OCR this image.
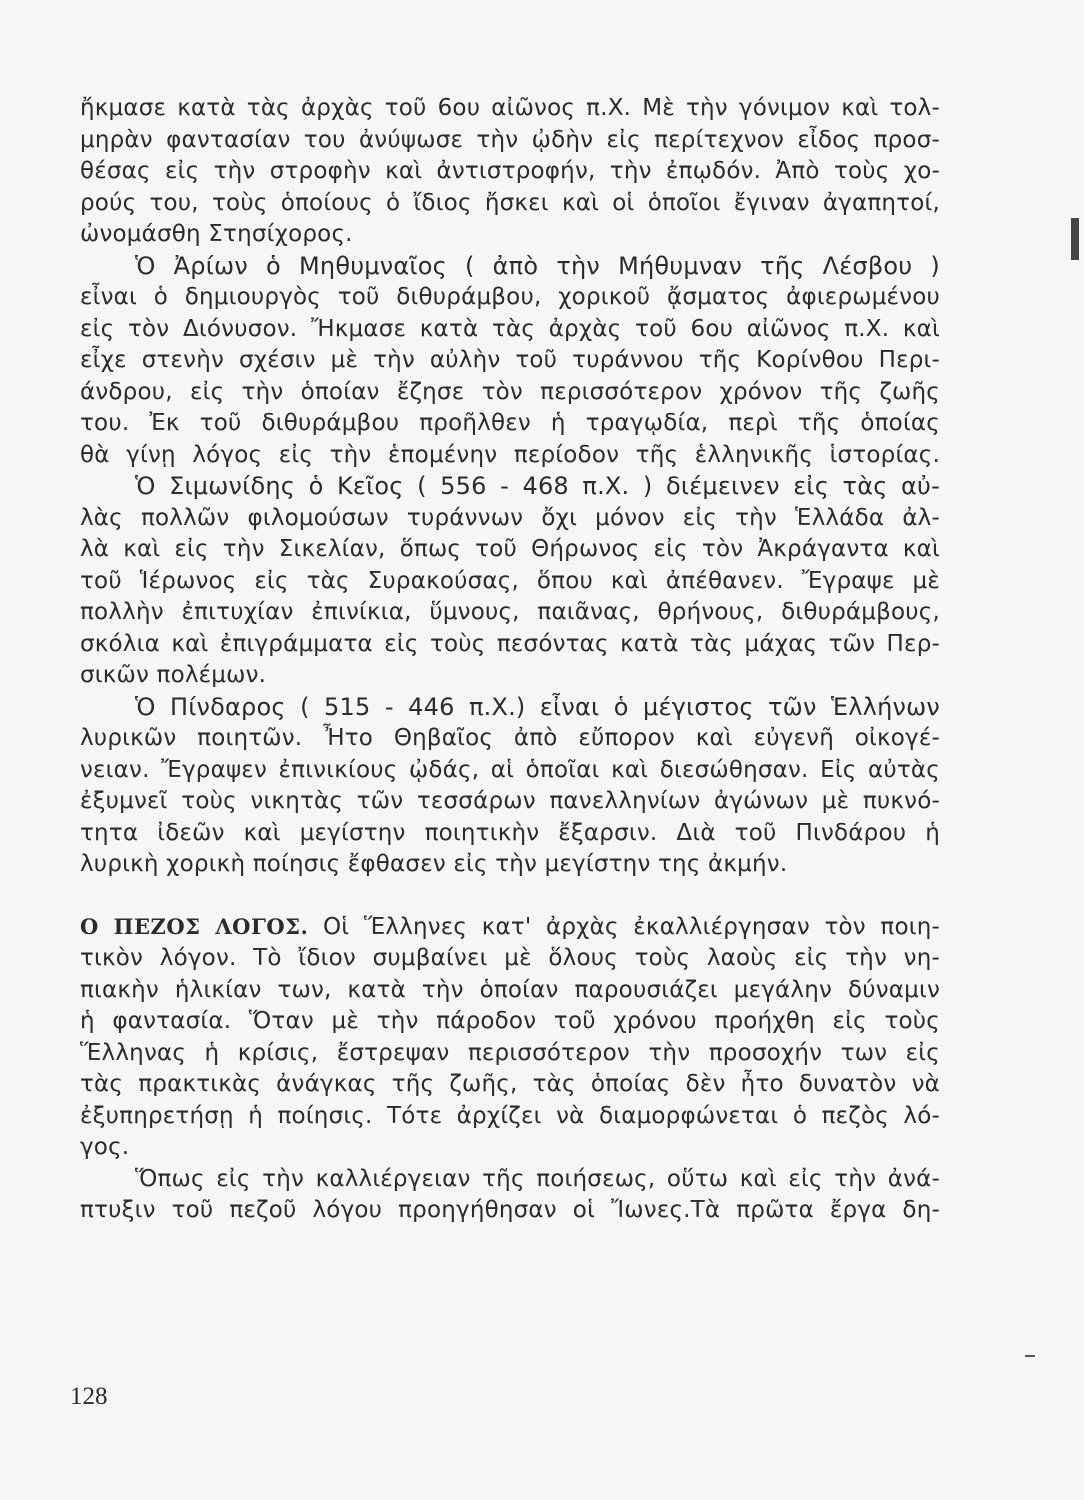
ἤκμασε κατὰ τὰς ἀρχὰς τοῦ 6ου αἰῶνος π.Χ. Μὲ τὴν γόνιμον καὶ τολ-
μηρὰν φαντασίαν του ἀνύψωσε τὴν ᾠδὴν εἰς περίτεχνον εἶδος προσ-
θέσας εἰς τὴν στροφὴν καὶ ἀντιστροφήν, τὴν ἐπῳδόν. Ἀπὸ τοὺς χο-
ρούς του, τοὺς ὁποίους ὁ ἴδιος ἤσκει καὶ οἱ ὁποῖοι ἔγιναν ἀγαπητοί,
ὠνομάσθη Στησίχορος.
Ὁ Ἀρίων ὁ Μηθυμναῖος ( ἀπὸ τὴν Μήθυμναν τῆς Λέσβου )
εἶναι ὁ δημιουργὸς τοῦ διθυράμβου, χορικοῦ ᾄσματος ἀφιερωμένου
εἰς τὸν Διόνυσον. Ἤκμασε κατὰ τὰς ἀρχὰς τοῦ 6ου αἰῶνος π.Χ. καὶ
εἶχε στενὴν σχέσιν μὲ τὴν αὐλὴν τοῦ τυράννου τῆς Κορίνθου Περι-
άνδρου, εἰς τὴν ὁποίαν ἔζησε τὸν περισσότερον χρόνον τῆς ζωῆς
του. Ἐκ τοῦ διθυράμβου προῆλθεν ἡ τραγῳδία, περὶ τῆς ὁποίας
θὰ γίνῃ λόγος εἰς τὴν ἑπομένην περίοδον τῆς ἑλληνικῆς ἱστορίας.
Ὁ Σιμωνίδης ὁ Κεῖος ( 556 - 468 π.Χ. ) διέμεινεν εἰς τὰς αὐ-
λὰς πολλῶν φιλομούσων τυράννων ὄχι μόνον εἰς τὴν Ἑλλάδα ἀλ-
λὰ καὶ εἰς τὴν Σικελίαν, ὅπως τοῦ Θήρωνος εἰς τὸν Ἀκράγαντα καὶ
τοῦ Ἱέρωνος εἰς τὰς Συρακούσας, ὅπου καὶ ἀπέθανεν. Ἔγραψε μὲ
πολλὴν ἐπιτυχίαν ἐπινίκια, ὕμνους, παιᾶνας, θρήνους, διθυράμβους,
σκόλια καὶ ἐπιγράμματα εἰς τοὺς πεσόντας κατὰ τὰς μάχας τῶν Περ-
σικῶν πολέμων.
Ὁ Πίνδαρος ( 515 - 446 π.Χ.) εἶναι ὁ μέγιστος τῶν Ἑλλήνων
λυρικῶν ποιητῶν. Ἦτο Θηβαῖος ἀπὸ εὔπορον καὶ εὐγενῆ οἰκογέ-
νειαν. Ἔγραψεν ἐπινικίους ᾠδάς, αἱ ὁποῖαι καὶ διεσώθησαν. Εἰς αὐτὰς
ἐξυμνεῖ τοὺς νικητὰς τῶν τεσσάρων πανελληνίων ἀγώνων μὲ πυκνό-
τητα ἰδεῶν καὶ μεγίστην ποιητικὴν ἔξαρσιν. Διὰ τοῦ Πινδάρου ἡ
λυρικὴ χορικὴ ποίησις ἔφθασεν εἰς τὴν μεγίστην της ἀκμήν.
Ο ΠΕΖΟΣ ΛΟΓΟΣ. Οἱ Ἕλληνες κατ' ἀρχὰς ἐκαλλιέργησαν τὸν ποιη-
τικὸν λόγον. Τὸ ἴδιον συμβαίνει μὲ ὅλους τοὺς λαοὺς εἰς τὴν νη-
πιακὴν ἡλικίαν των, κατὰ τὴν ὁποίαν παρουσιάζει μεγάλην δύναμιν
ἡ φαντασία. Ὅταν μὲ τὴν πάροδον τοῦ χρόνου προήχθη εἰς τοὺς
Ἕλληνας ἡ κρίσις, ἔστρεψαν περισσότερον τὴν προσοχήν των εἰς
τὰς πρακτικὰς ἀνάγκας τῆς ζωῆς, τὰς ὁποίας δὲν ἦτο δυνατὸν νὰ
ἐξυπηρετήσῃ ἡ ποίησις. Τότε ἀρχίζει νὰ διαμορφώνεται ὁ πεζὸς λό-
γος.
Ὅπως εἰς τὴν καλλιέργειαν τῆς ποιήσεως, οὕτω καὶ εἰς τὴν ἀνά-
πτυξιν τοῦ πεζοῦ λόγου προηγήθησαν οἱ Ἴωνες.Τὰ πρῶτα ἔργα δη-
128
